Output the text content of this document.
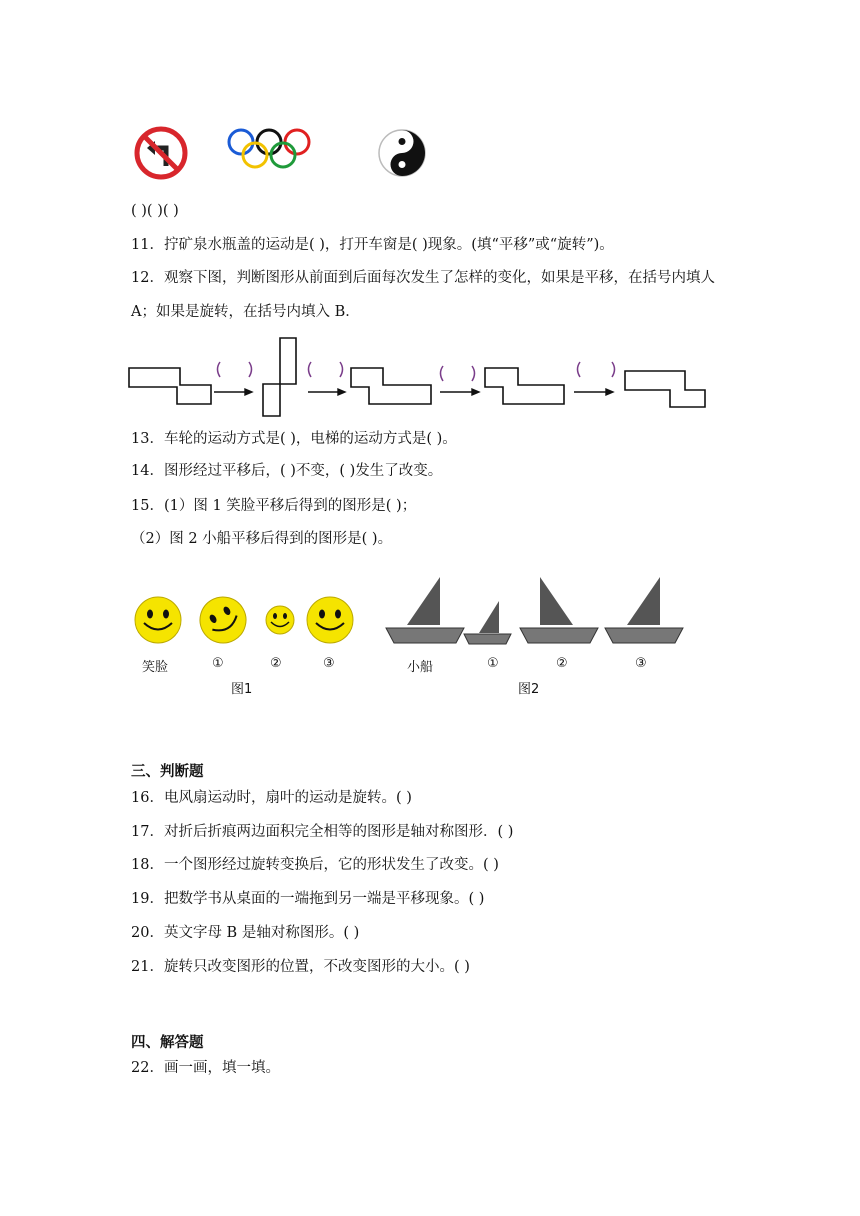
( )( )( )
11．拧矿泉水瓶盖的运动是( )，打开车窗是( )现象。(填“平移”或“旋转”)。
12．观察下图，判断图形从前面到后面每次发生了怎样的变化，如果是平移，在括号内填人
A；如果是旋转，在括号内填入 B．
13．车轮的运动方式是( )，电梯的运动方式是( )。
14．图形经过平移后，( )不变，( )发生了改变。
15．(1）图 1 笑脸平移后得到的图形是( )；
（2）图 2 小船平移后得到的图形是( )。
笑脸	①	②	③
图1
小船	①	②	③
图2
三、判断题
16．电风扇运动时，扇叶的运动是旋转。( )
17．对折后折痕两边面积完全相等的图形是轴对称图形．( )
18．一个图形经过旋转变换后，它的形状发生了改变。( )
19．把数学书从桌面的一端拖到另一端是平移现象。( )
20．英文字母 B 是轴对称图形。( )
21．旋转只改变图形的位置，不改变图形的大小。( )
四、解答题
22．画一画，填一填。
